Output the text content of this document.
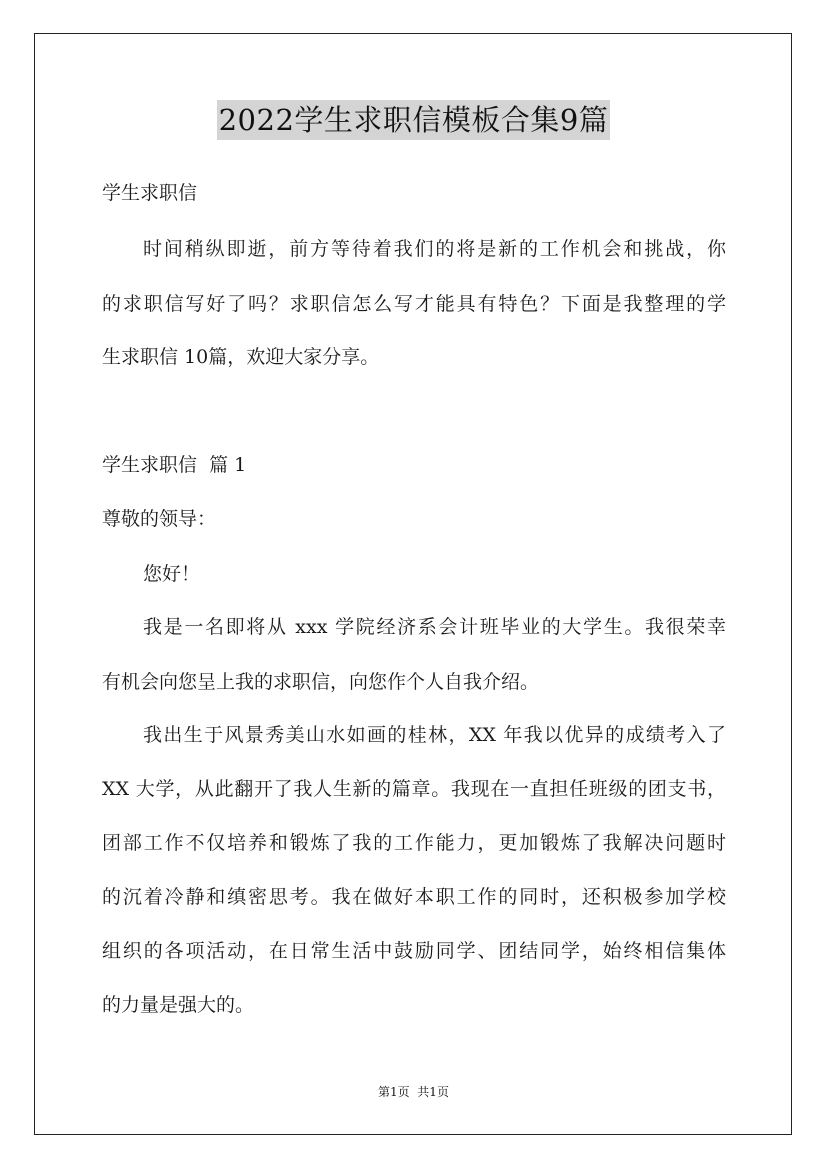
2022学生求职信模板合集9篇
学生求职信
时间稍纵即逝，前方等待着我们的将是新的工作机会和挑战，你
的求职信写好了吗？求职信怎么写才能具有特色？下面是我整理的学
生求职信 10篇，欢迎大家分享。
学生求职信  篇 1
尊敬的领导：
您好！
我是一名即将从 xxx 学院经济系会计班毕业的大学生。我很荣幸
有机会向您呈上我的求职信，向您作个人自我介绍。
我出生于风景秀美山水如画的桂林，XX 年我以优异的成绩考入了
XX 大学，从此翻开了我人生新的篇章。我现在一直担任班级的团支书，
团部工作不仅培养和锻炼了我的工作能力，更加锻炼了我解决问题时
的沉着冷静和缜密思考。我在做好本职工作的同时，还积极参加学校
组织的各项活动，在日常生活中鼓励同学、团结同学，始终相信集体
的力量是强大的。
第1页  共1页
